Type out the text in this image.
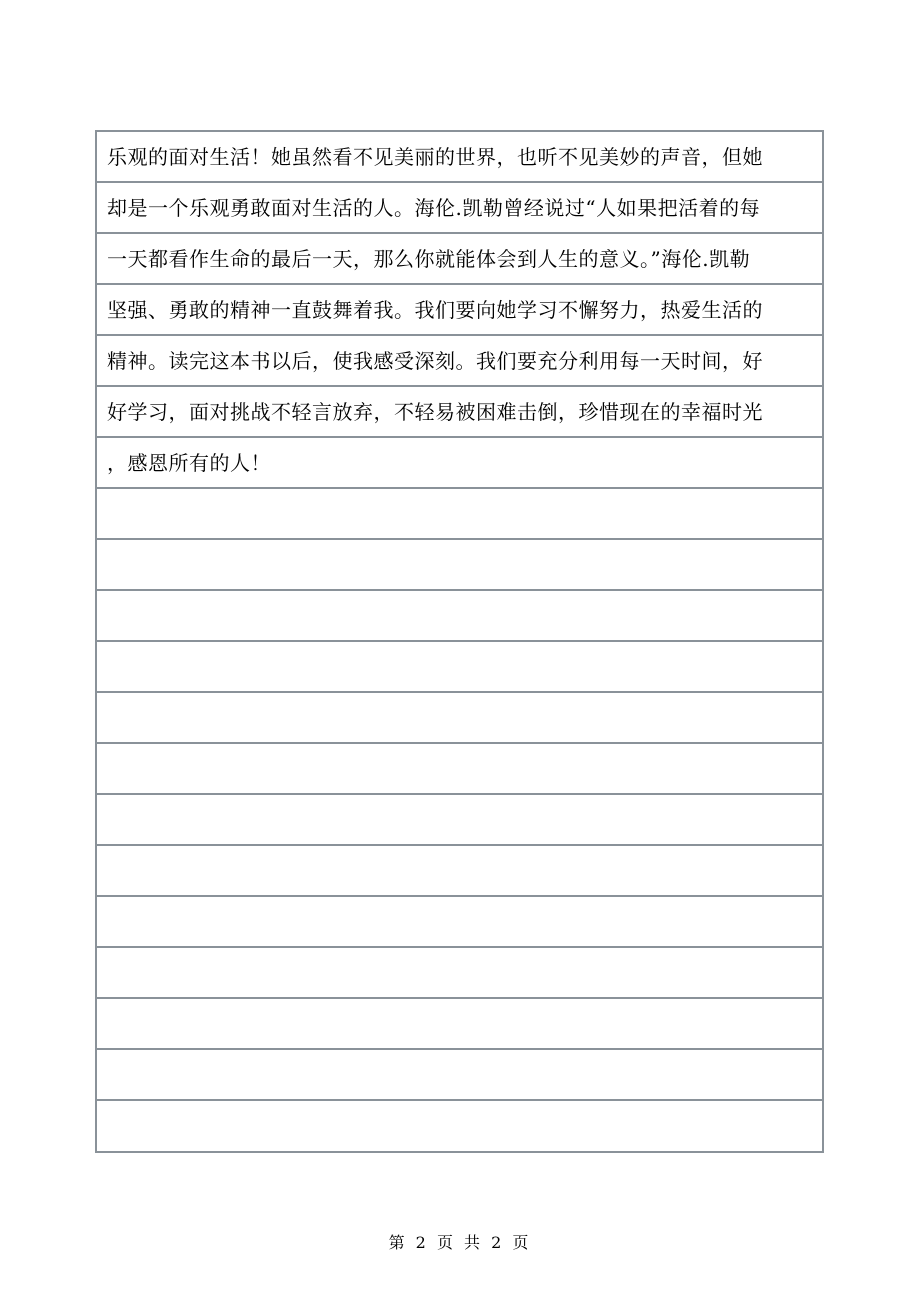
乐观的面对生活！她虽然看不见美丽的世界，也听不见美妙的声音，但她
却是一个乐观勇敢面对生活的人。海伦.凯勒曾经说过“人如果把活着的每
一天都看作生命的最后一天，那么你就能体会到人生的意义。”海伦.凯勒
坚强、勇敢的精神一直鼓舞着我。我们要向她学习不懈努力，热爱生活的
精神。读完这本书以后，使我感受深刻。我们要充分利用每一天时间，好
好学习，面对挑战不轻言放弃，不轻易被困难击倒，珍惜现在的幸福时光
，感恩所有的人！
第 2 页 共 2 页
